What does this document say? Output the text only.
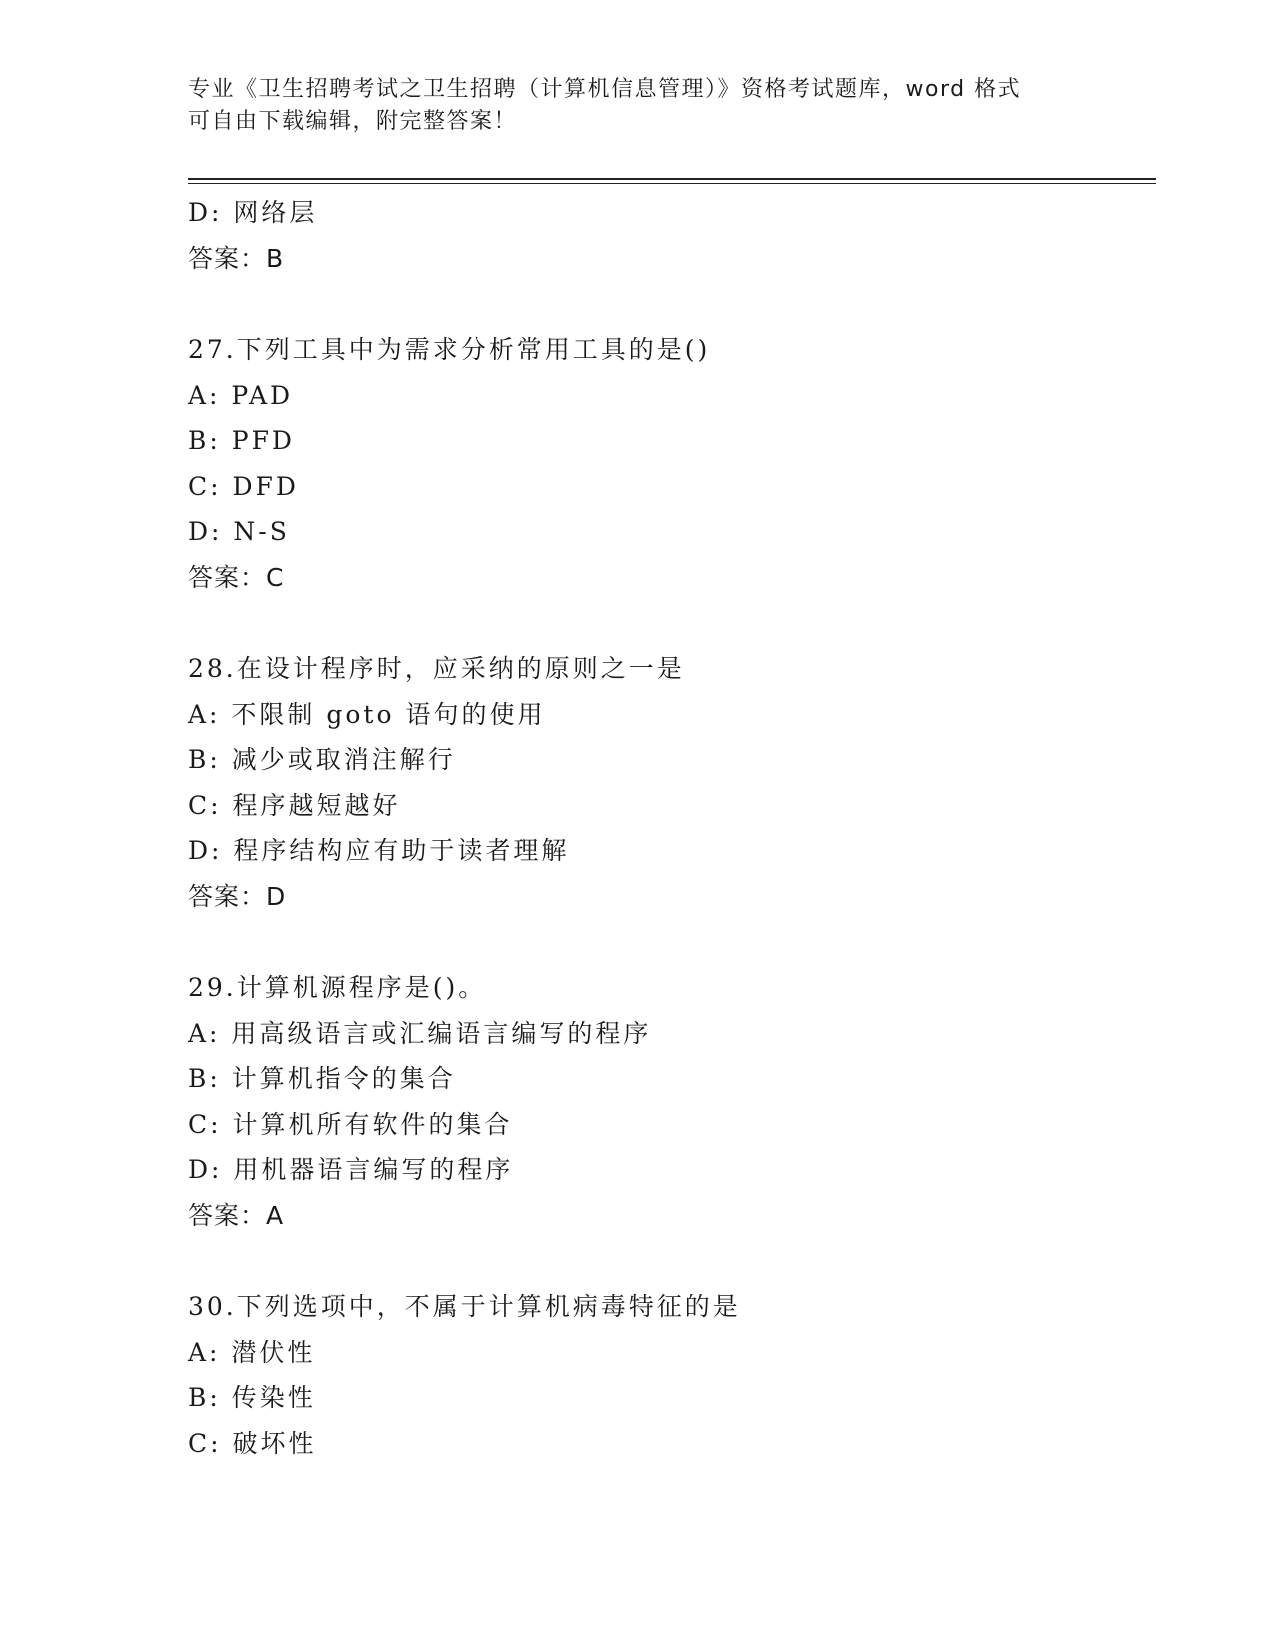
专业《卫生招聘考试之卫生招聘（计算机信息管理）》资格考试题库，word 格式
可自由下载编辑，附完整答案！
D: 网络层
答案：B
27.下列工具中为需求分析常用工具的是()
A: PAD
B: PFD
C: DFD
D: N-S
答案：C
28.在设计程序时，应采纳的原则之一是
A: 不限制 goto 语句的使用
B: 减少或取消注解行
C: 程序越短越好
D: 程序结构应有助于读者理解
答案：D
29.计算机源程序是()。
A: 用高级语言或汇编语言编写的程序
B: 计算机指令的集合
C: 计算机所有软件的集合
D: 用机器语言编写的程序
答案：A
30.下列选项中，不属于计算机病毒特征的是
A: 潜伏性
B: 传染性
C: 破坏性
